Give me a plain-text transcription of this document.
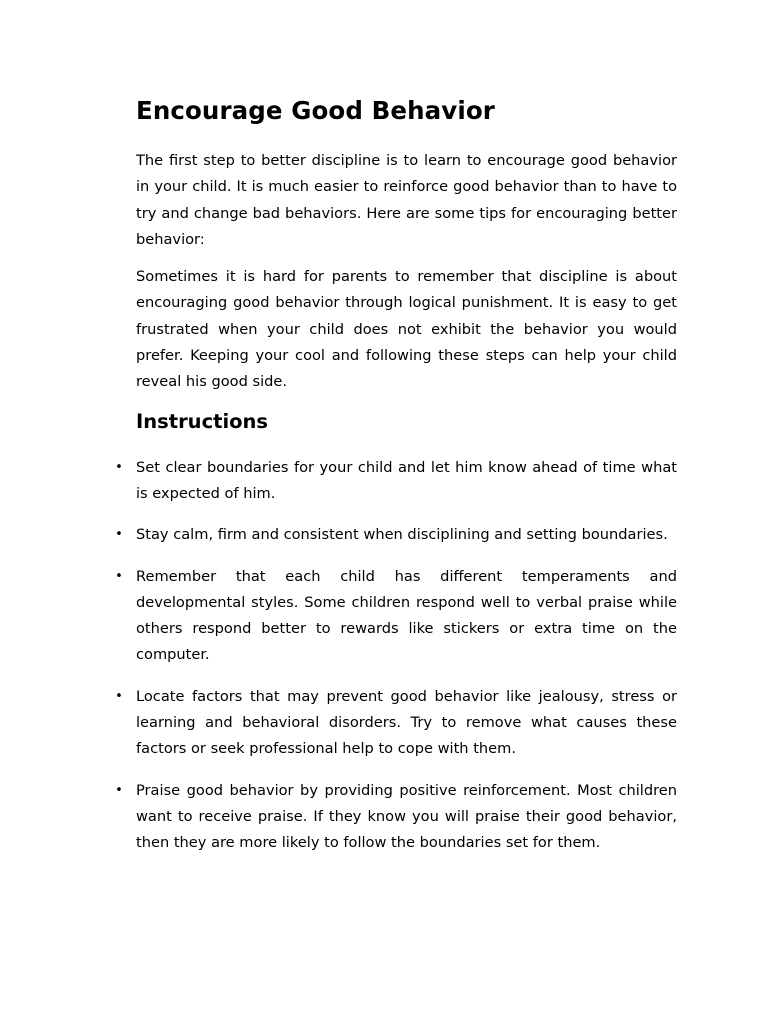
Encourage Good Behavior

The first step to better discipline is to learn to encourage good behavior in your child. It is much easier to reinforce good behavior than to have to try and change bad behaviors. Here are some tips for encouraging better behavior:

Sometimes it is hard for parents to remember that discipline is about encouraging good behavior through logical punishment. It is easy to get frustrated when your child does not exhibit the behavior you would prefer. Keeping your cool and following these steps can help your child reveal his good side.

Instructions
• Set clear boundaries for your child and let him know ahead of time what is expected of him.
• Stay calm, firm and consistent when disciplining and setting boundaries.
• Remember that each child has different temperaments and developmental styles. Some children respond well to verbal praise while others respond better to rewards like stickers or extra time on the computer.
• Locate factors that may prevent good behavior like jealousy, stress or learning and behavioral disorders. Try to remove what causes these factors or seek professional help to cope with them.
• Praise good behavior by providing positive reinforcement. Most children want to receive praise. If they know you will praise their good behavior, then they are more likely to follow the boundaries set for them.
